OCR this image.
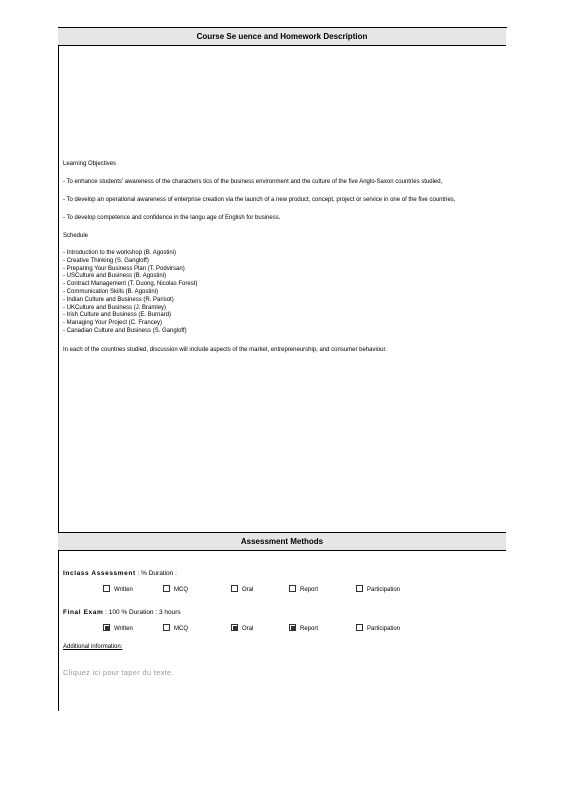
Course Se uence and Homework Description

Learning Objectives

- To enhance students' awareness of the characteris tics of the business environment and the culture of the five Anglo-Saxon countries studied,

- To develop an operational awareness of enterprise creation via the launch of a new product, concept, project or service in one of the five countries,

- To develop competence and confidence in the langu age of English for business.

Schedule

- Introduction to the workshop (B. Agostini)
- Creative Thinking (S. Gangloff)
- Preparing Your Business Plan (T. Podvirsan)
- USCulture and Business (B. Agostini)
- Contract Management (T. Duong, Nicolas Forest)
- Communication Skills (B. Agostini)
- Indian Culture and Business (R. Parisot)
- UKCulture and Business (J. Bramley)
- Irish Culture and Business (E. Burnard)
- Managing Your Project (C. Francey)
- Canadian Culture and Business (S. Gangloff)

In each of the countries studied, discussion will include aspects of the market, entrepreneurship, and consumer behaviour.

Assessment Methods

Inclass Assessment : % Duration :

Written	MCQ	Oral	Report	Participation

Final Exam : 100 % Duration : 3 hours

Written	MCQ	Oral	Report	Participation

Additional information:

Cliquez ici pour taper du texte.
